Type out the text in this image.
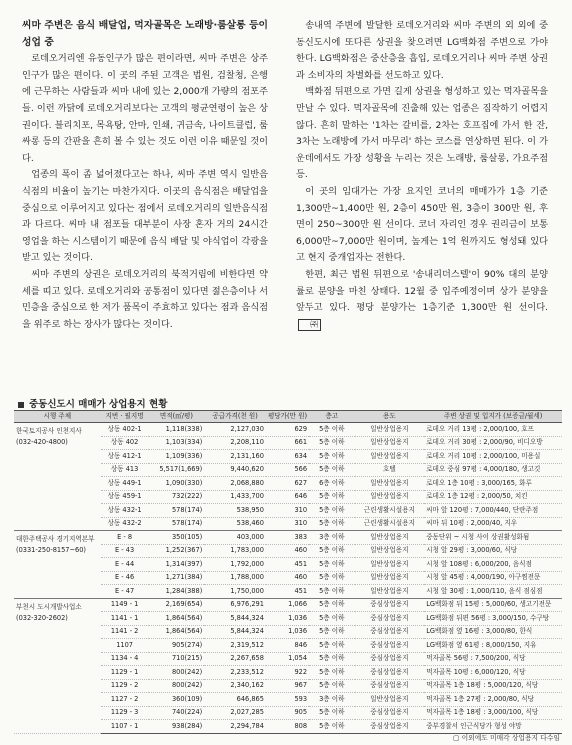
씨마 주변은 음식 배달업, 먹자골목은 노래방·룸살롱 등이 성업 중

로데오거리엔 유동인구가 많은 편이라면, 씨마 주변은 상주인구가 많은 편이다. 이 곳의 주된 고객은 법원, 검찰청, 은행에 근무하는 사람들과 씨마 내에 있는 2,000개 가량의 점포주들. 이런 까닭에 로데오거리보다는 고객의 평균연령이 높은 상권이다. 블리치포, 목욕탕, 안마, 인쇄, 귀금속, 나이트클럽, 룸싸롱 등의 간판을 흔히 볼 수 있는 것도 이런 이유 때문일 것이다.

업종의 폭이 좀 넓어졌다고는 하나, 씨마 주변 역시 일반음식점의 비율이 높기는 마찬가지다. 이곳의 음식점은 배달업을 중심으로 이루어지고 있다는 점에서 로데오거리의 일반음식점과 다르다. 씨마 내 점포들 대부분이 사장 혼자 거의 24시간 영업을 하는 시스템이기 때문에 음식 배달 및 야식업이 각광을 받고 있는 것이다.

씨마 주변의 상권은 로데오거리의 북적거림에 비한다면 약세를 띠고 있다. 로데오거리와 공통점이 있다면 젊은층이나 서민층을 중심으로 한 저가 품목이 주효하고 있다는 점과 음식점을 위주로 하는 장사가 많다는 것이다.

송내역 주변에 발달한 로데오거리와 씨마 주변의 외 외에 중동신도시에 또다른 상권을 찾으려면 LG백화점 주변으로 가야 한다. LG백화점은 중산층을 흡입, 로데오거리나 씨마 주변 상권과 소비자의 차별화를 선도하고 있다.

백화점 뒤편으로 가면 길게 상권을 형성하고 있는 먹자골목을 만날 수 있다. 먹자골목에 진출해 있는 업종은 짐작하기 어렵지 않다. 흔히 말하는 '1차는 갈비를, 2차는 호프집에 가서 한 잔, 3차는 노래방에 가서 마무리' 하는 코스를 연상하면 된다. 이 가운데에서도 가장 성황을 누리는 것은 노래방, 룸살롱, 가요주점 등.

이 곳의 임대가는 가장 요지인 코너의 매매가가 1층 기준 1,300만~1,400만 원, 2층이 450만 원, 3층이 300만 원, 후면이 250~300만 원 선이다. 코너 자리인 경우 권리금이 보통 6,000만~7,000만 원이며, 높게는 1억 원까지도 형성돼 있다고 현지 중개업자는 전한다.

한편, 최근 법원 뒤편으로 '송내리더스텔'이 90% 대의 분양률로 분양을 마친 상태다. 12월 중 입주예정이며 상가 분양을 앞두고 있다. 평당 분양가는 1층기준 1,300만 원 선이다.㈜

중동신도시 매매가 상업용지 현황
시행 주체	지번 · 필지명	면적(㎡/평)	공급가격(천 원)	평당가(만 원)	층고	용도	주변 상권 및 입지가 (보증금/월세)

한국토지공사 인천지사
(032-420-4800)	상동 402-1	1,118(338)	2,127,030	629	5층 이하	일반상업용지	로데오 거리 13평 : 2,000/100, 호프
	상동 402	1,103(334)	2,208,110	661	5층 이하	일반상업용지	로데오 거리 30평 : 2,000/90, 비디오방
	상동 412-1	1,109(336)	2,131,160	634	5층 이하	일반상업용지	로데오 거리 10평 : 2,000/100, 미용실
	상동 413	5,517(1,669)	9,440,620	566	5층 이하	호텔	로데오 중심 97평 : 4,000/180, 생고깃
	상동 449-1	1,090(330)	2,068,880	627	6층 이하	일반상업용지	로데오 1층 10평 : 3,000/165, 화루
	상동 459-1	732(222)	1,433,700	646	5층 이하	일반상업용지	로데오 1층 12평 : 2,000/50, 치킨
	상동 432-1	578(174)	538,950	310	5층 이하	근린생활시설용지	씨마 앞 120평 : 7,000/440, 단란주점
	상동 432-2	578(174)	538,460	310	5층 이하	근린생활시설용지	씨마 뒤 10평 : 2,000/40, 지우

대한주택공사 경기지역본부
(0331-250-8157~60)	E - 8	350(105)	403,000	383	3층 이하	일반상업용지	중동단위 ~ 시청 사이 상권활성화됨
	E - 43	1,252(367)	1,783,000	460	5층 이하	일반상업용지	시청 앞 29평 : 3,000/60, 식당
	E - 44	1,314(397)	1,792,000	451	5층 이하	일반상업용지	시청 앞 108평 : 6,000/200, 음식점
	E - 46	1,271(384)	1,788,000	460	5층 이하	일반상업용지	시청 앞 45평 : 4,000/190, 아구찜전문
	E - 47	1,284(388)	1,750,000	451	5층 이하	일반상업용지	시청 앞 30평 : 1,000/110, 음식 점심점

부천시 도시개발사업소
(032-320-2602)	1149 - 1	2,169(654)	6,976,291	1,066	5층 이하	중심상업용지	LG백화점 뒤 15평 : 5,000/60, 생고기전문
	1141 - 1	1,864(564)	5,844,324	1,036	5층 이하	중심상업용지	LG백화점 뒤편 56평 : 3,000/150, 수구탕
	1141 - 2	1,864(564)	5,844,324	1,036	5층 이하	중심상업용지	LG백화점 옆 16평 : 3,000/80, 한식
	1107	905(274)	2,319,512	846	5층 이하	중심상업용지	LG백화점 옆 61평 : 8,000/150, 지유
	1134 - 4	710(215)	2,267,658	1,054	5층 이하	중심상업용지	먹자골목 56평 : 7,500/200, 식당
	1129 - 1	800(242)	2,233,512	922	5층 이하	중심상업용지	먹자골목 10평 : 6,000/120, 식당
	1129 - 2	800(242)	2,340,162	967	5층 이하	중심상업용지	먹자골목 1층 18평 : 5,000/120, 식당
	1127 - 2	360(109)	646,865	593	3층 이하	일반상업용지	먹자골목 1층 27평 : 2,000/80, 식당
	1129 - 3	740(224)	2,027,285	905	5층 이하	중심상업용지	먹자골목 1층 18평 : 3,000/100, 식당
	1107 - 1	938(284)	2,294,784	808	5층 이하	중심상업용지	중부경찰서 인근식당가 형성 야망
▢ 이외에도 미매각 상업용지 다수임
